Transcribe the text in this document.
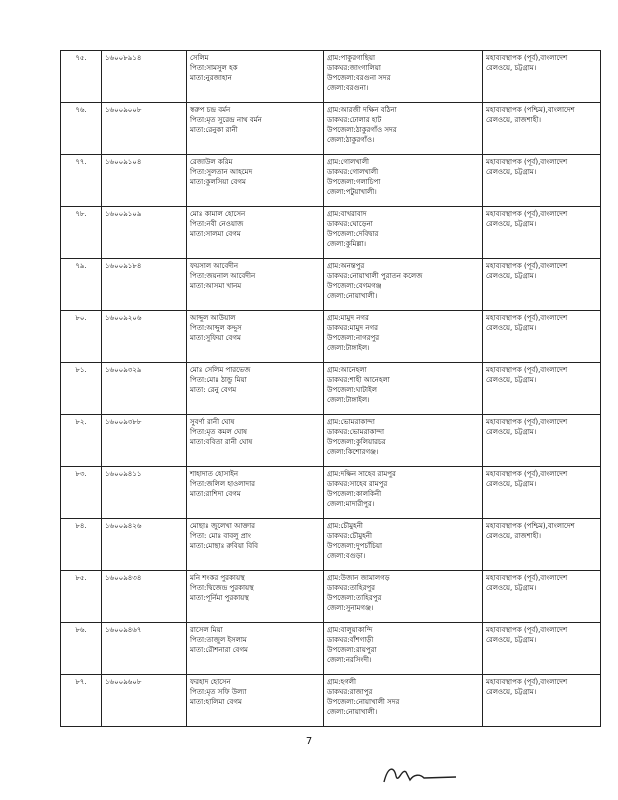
৭৫.	১৬০০৮৯১৪	সেলিম
পিতা:সামসুল হক
মাতা:নুরজাহান	গ্রাম:পাকুরগাছিয়া
ডাকঘর:জাংগালিয়া
উপজেলা:বরগুনা সদর
জেলা:বরগুনা।	মহাব্যবস্থাপক (পূর্ব),বাংলাদেশ
রেলওয়ে, চট্টগ্রাম।

৭৬.	১৬০০৯০০৮	স্বরুপ চন্দ্র বর্মন
পিতা:মৃত সুরেন্দ্র নাথ বর্মন
মাতা:রেনুকা রানী	গ্রাম:আরজী দক্ষিন বঠিনা
ডাকঘর:ঢোলার হাট
উপজেলা:ঠাকুরগাঁও সদর
জেলা:ঠাকুরগাঁও।	মহাব্যবস্থাপক (পশ্চিম),বাংলাদেশ
রেলওয়ে, রাজশাহী।

৭৭.	১৬০০৯১০৪	রেজাউল করিম
পিতা:সুলতান আহমেদ
মাতা:কুলসিয়া বেগম	গ্রাম:গোলখালী
ডাকঘর:গোলখালী
উপজেলা:গলাচিপা
জেলা:পটুয়াখালী।	মহাব্যবস্থাপক (পূর্ব),বাংলাদেশ
রেলওয়ে, চট্টগ্রাম।

৭৮.	১৬০০৯১০৯	মোঃ কামাল হোসেন
পিতা:নবী নেওয়াজ
মাতা:সালমা বেগম	গ্রাম:বাখরাবাদ
ডাকঘর:ঘোড়েনা
উপজেলা:দেবিদ্বার
জেলা:কুমিল্লা।	মহাব্যবস্থাপক (পূর্ব),বাংলাদেশ
রেলওয়ে, চট্টগ্রাম।

৭৯.	১৬০০৯১৮৪	ফয়সাল আবেদীন
পিতা:জয়নাল আবেদীন
মাতা:আসমা খানম	গ্রাম:অনন্তপুর
ডাকঘর:নোয়াখালী পুরাতন কলেজ
উপজেলা:বেগমগঞ্জ
জেলা:নোয়াখালী।	মহাব্যবস্থাপক (পূর্ব),বাংলাদেশ
রেলওয়ে, চট্টগ্রাম।

৮০.	১৬০০৯২০৬	আব্দুল আউয়াল
পিতা:আব্দুল কদ্দুস
মাতা:সুফিয়া বেগম	গ্রাম:মামুদ নগর
ডাকঘর:মামুদ নগর
উপজেলা:নাগরপুর
জেলা:টাঙ্গাইল।	মহাব্যবস্থাপক (পূর্ব),বাংলাদেশ
রেলওয়ে, চট্টগ্রাম।

৮১.	১৬০০৯৩২৯	মোঃ সেলিম পারভেজ
পিতা:মোঃ ঠান্ডু মিয়া
মাতা: রেনু বেগম	গ্রাম:আনেহলা
ডাকঘর:শাহী আনেহলা
উপজেলা:ঘাটাইল
জেলা:টাঙ্গাইল।	মহাব্যবস্থাপক (পূর্ব),বাংলাদেশ
রেলওয়ে, চট্টগ্রাম।

৮২.	১৬০০৯৩৮৮	সুবর্ণা রানী ঘোষ
পিতা:মৃত কমল ঘোষ
মাতা:ববিতা রানী ঘোষ	গ্রাম:ভোমরাকান্দা
ডাকঘর:ভোমরাকান্দা
উপজেলা:কুলিয়ারচর
জেলা:কিশোরগঞ্জ।	মহাব্যবস্থাপক (পূর্ব),বাংলাদেশ
রেলওয়ে, চট্টগ্রাম।

৮৩.	১৬০০৯৪১১	শাহাদাত হোসাইন
পিতা:জলিল হাওলাদার
মাতা:রাশিদা বেগম	গ্রাম:দক্ষিন সাহেব রামপুর
ডাকঘর:সাহেব রামপুর
উপজেলা:কালকিনী
জেলা:মাদারীপুর।	মহাব্যবস্থাপক (পূর্ব),বাংলাদেশ
রেলওয়ে, চট্টগ্রাম।

৮৪.	১৬০০৯৪২৬	মোছাঃ জুলেখা আক্তার
পিতা: মোঃ বাবলু প্রাং
মাতা:মোছাঃ রুবিয়া বিবি	গ্রাম:চৌমুহনী
ডাকঘর:চৌমুহনী
উপজেলা:দুপচাঁচিয়া
জেলা:বগুড়া।	মহাব্যবস্থাপক (পশ্চিম),বাংলাদেশ
রেলওয়ে, রাজশাহী।

৮৫.	১৬০০৯৪৩৪	মনি শংকর পুরকায়স্থ
পিতা:দ্বিজেন্দ্র পুরকায়স্থ
মাতা:পূর্নিমা পুরকায়স্থ	গ্রাম:উজান জামালগড়
ডাকঘর:তাহিরপুর
উপজেলা:তাহিরপুর
জেলা:সুনামগঞ্জ।	মহাব্যবস্থাপক (পূর্ব),বাংলাদেশ
রেলওয়ে, চট্টগ্রাম।

৮৬.	১৬০০৯৪৬৭	রাসেল মিয়া
পিতা:তাজুল ইসলাম
মাতা:রৌশনারা বেগম	গ্রাম:বালুয়াকান্দি
ডাকঘর:বাঁশগাড়ী
উপজেলা:রায়পুরা
জেলা:নরসিংদী।	মহাব্যবস্থাপক (পূর্ব),বাংলাদেশ
রেলওয়ে, চট্টগ্রাম।

৮৭.	১৬০০৯৬০৮	ফরহাদ হোসেন
পিতা:মৃত সফি উল্যা
মাতা:হালিমা বেগম	গ্রাম:হগলী
ডাকঘর:রাজাপুর
উপজেলা:নোয়াখালী সদর
জেলা:নোয়াখালী।	মহাব্যবস্থাপক (পূর্ব),বাংলাদেশ
রেলওয়ে, চট্টগ্রাম।
7
